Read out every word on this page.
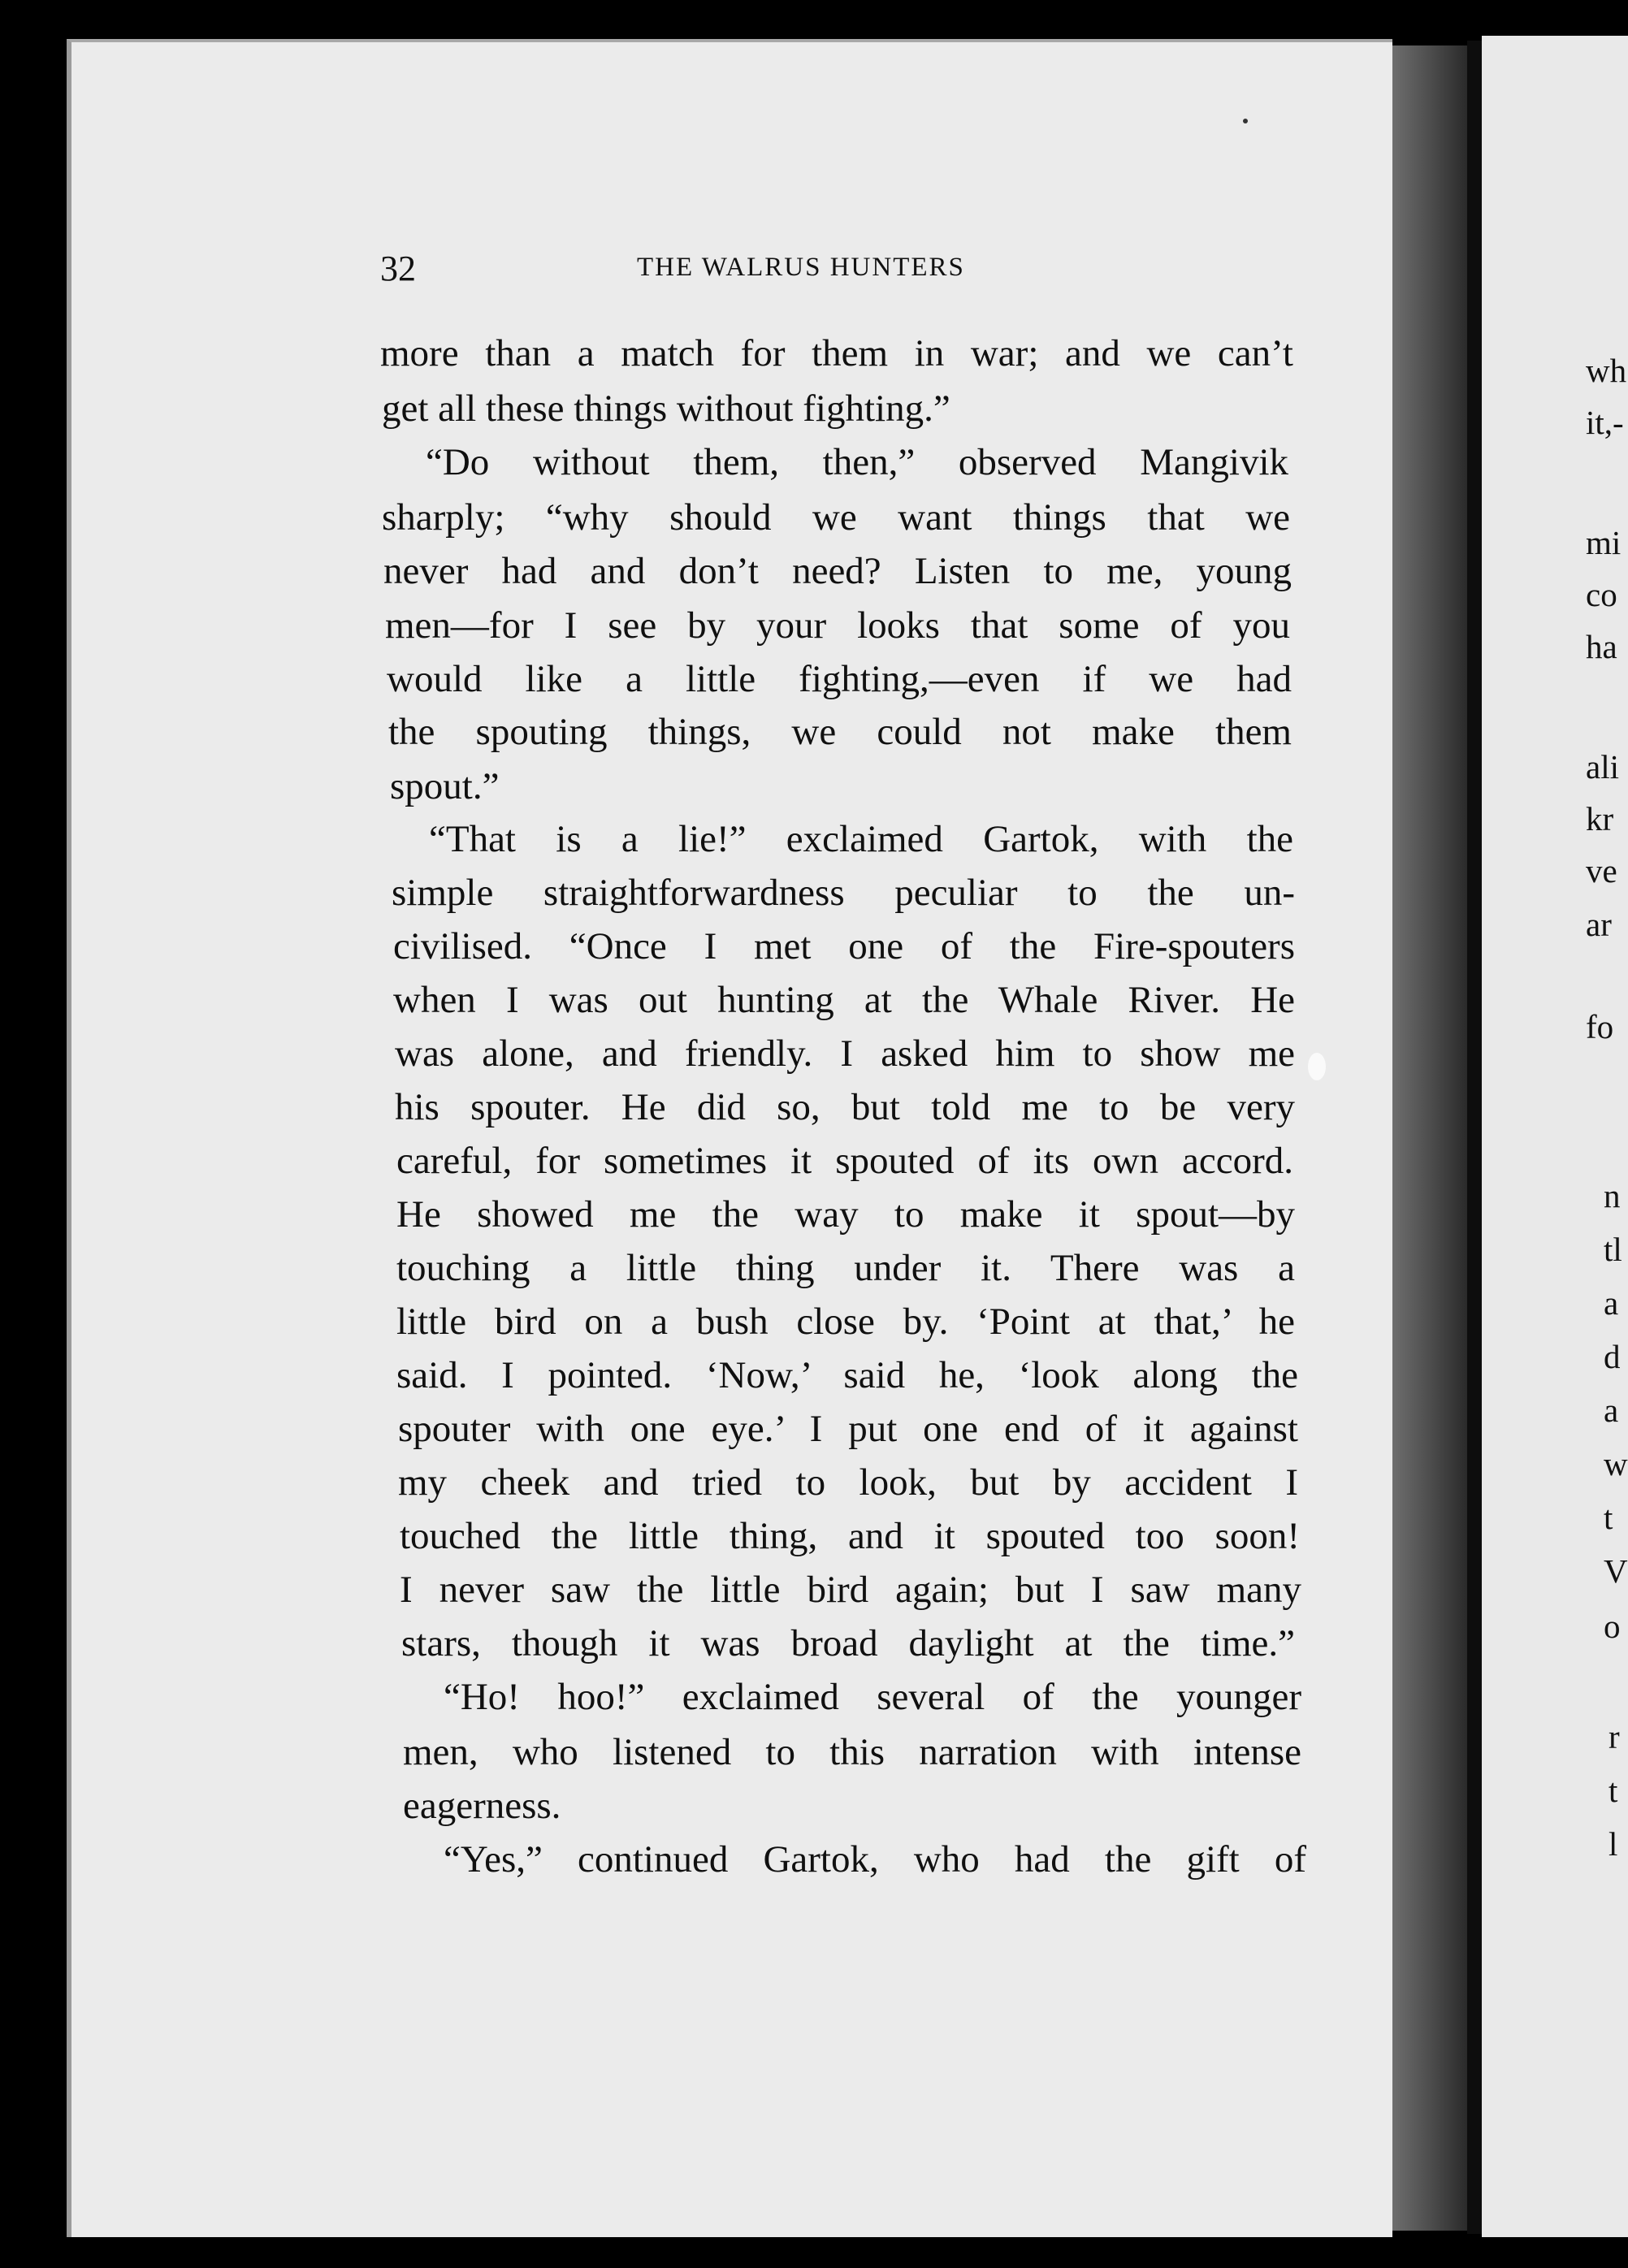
wh
it,-
mi
co
ha
ali
kr
ve
ar
fo
n
tl
a
d
a
w
t
V
o
r
t
l
32	THE WALRUS HUNTERS
more than a match for them in war; and we can’t
get all these things without fighting.”
“Do without them, then,” observed Mangivik
sharply; “why should we want things that we
never had and don’t need? Listen to me, young
men—for I see by your looks that some of you
would like a little fighting,—even if we had
the spouting things, we could not make them
spout.”
“That is a lie!” exclaimed Gartok, with the
simple straightforwardness peculiar to the un-
civilised. “Once I met one of the Fire-spouters
when I was out hunting at the Whale River. He
was alone, and friendly. I asked him to show me
his spouter. He did so, but told me to be very
careful, for sometimes it spouted of its own accord.
He showed me the way to make it spout—by
touching a little thing under it. There was a
little bird on a bush close by. ‘Point at that,’ he
said. I pointed. ‘Now,’ said he, ‘look along the
spouter with one eye.’ I put one end of it against
my cheek and tried to look, but by accident I
touched the little thing, and it spouted too soon!
I never saw the little bird again; but I saw many
stars, though it was broad daylight at the time.”
“Ho! hoo!” exclaimed several of the younger
men, who listened to this narration with intense
eagerness.
“Yes,” continued Gartok, who had the gift of
